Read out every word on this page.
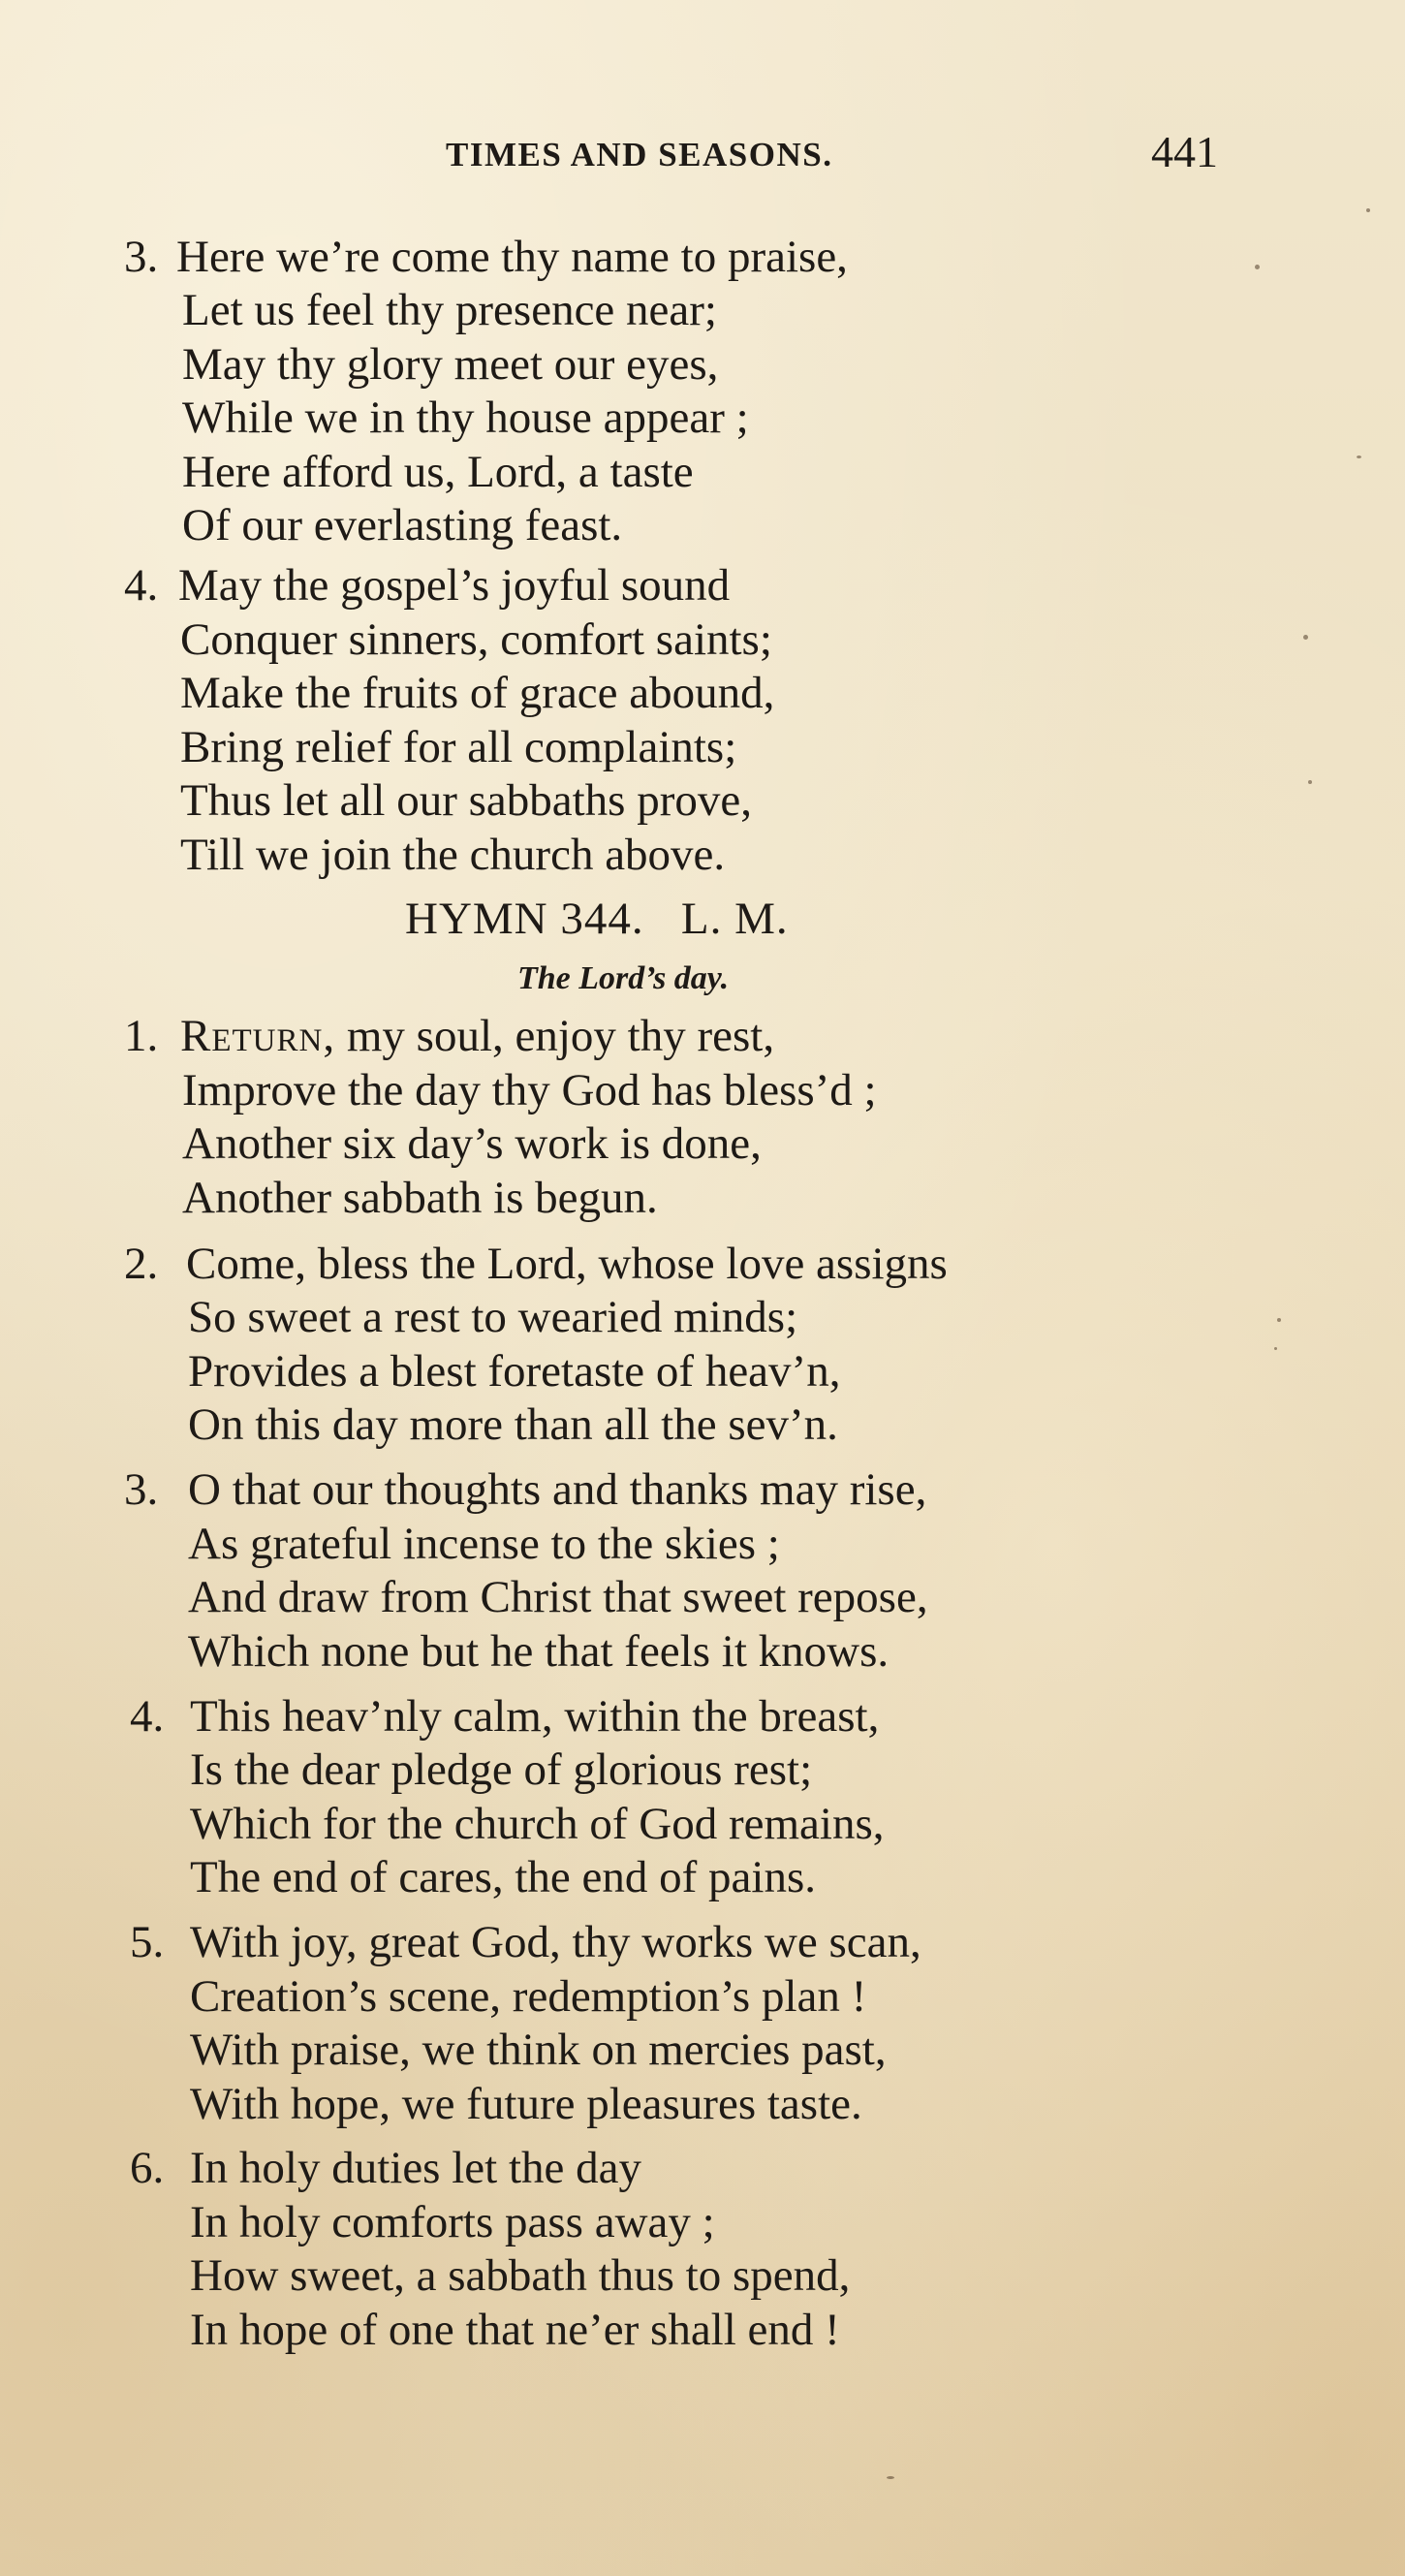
TIMES AND SEASONS.	441
3. Here we’re come thy name to praise,
Let us feel thy presence near;
May thy glory meet our eyes,
While we in thy house appear ;
Here afford us, Lord, a taste
Of our everlasting feast.
4. May the gospel’s joyful sound
Conquer sinners, comfort saints;
Make the fruits of grace abound,
Bring relief for all complaints;
Thus let all our sabbaths prove,
Till we join the church above.
HYMN 344.   L. M.
The Lord’s day.
1. Return, my soul, enjoy thy rest,
Improve the day thy God has bless’d ;
Another six day’s work is done,
Another sabbath is begun.
2. Come, bless the Lord, whose love assigns
So sweet a rest to wearied minds;
Provides a blest foretaste of heav’n,
On this day more than all the sev’n.
3. O that our thoughts and thanks may rise,
As grateful incense to the skies ;
And draw from Christ that sweet repose,
Which none but he that feels it knows.
4. This heav’nly calm, within the breast,
Is the dear pledge of glorious rest;
Which for the church of God remains,
The end of cares, the end of pains.
5. With joy, great God, thy works we scan,
Creation’s scene, redemption’s plan !
With praise, we think on mercies past,
With hope, we future pleasures taste.
6. In holy duties let the day
In holy comforts pass away ;
How sweet, a sabbath thus to spend,
In hope of one that ne’er shall end !
